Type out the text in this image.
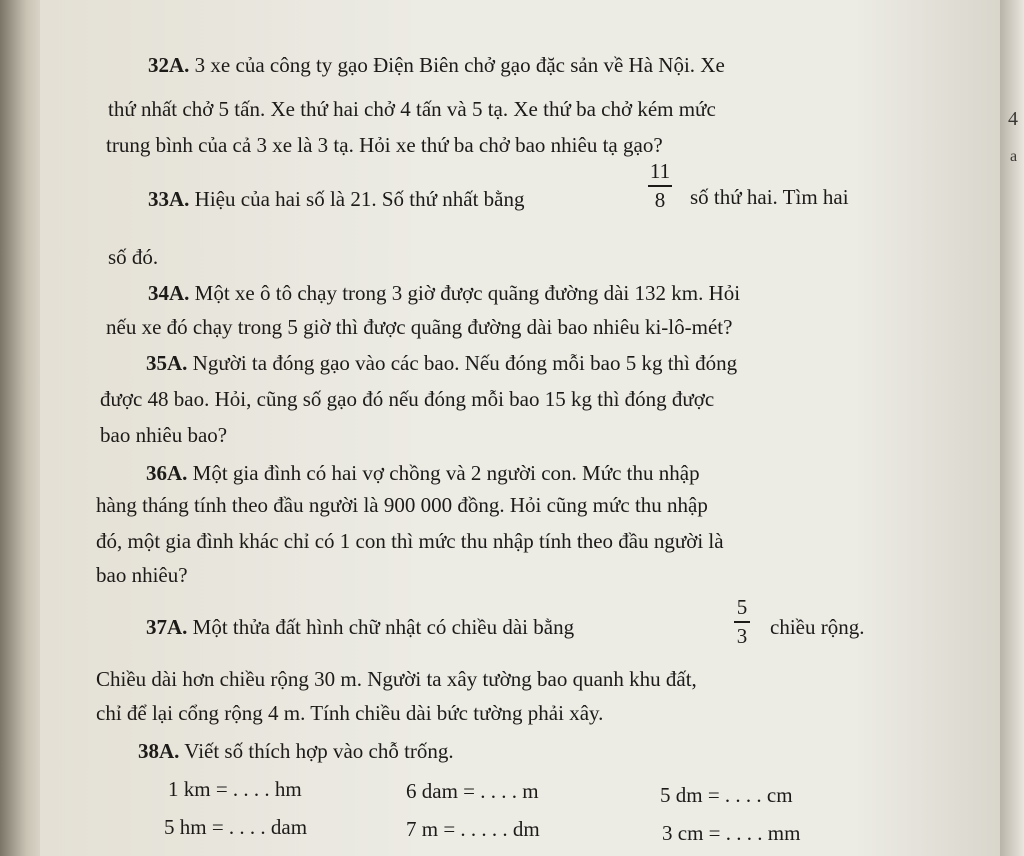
4
a
32A. 3 xe của công ty gạo Điện Biên chở gạo đặc sản về Hà Nội. Xe
thứ nhất chở 5 tấn. Xe thứ hai chở 4 tấn và 5 tạ. Xe thứ ba chở kém mức
trung bình của cả 3 xe là 3 tạ. Hỏi xe thứ ba chở bao nhiêu tạ gạo?
33A. Hiệu của hai số là 21. Số thứ nhất bằng
11
8 số thứ hai. Tìm hai
số đó.
34A. Một xe ô tô chạy trong 3 giờ được quãng đường dài 132 km. Hỏi
nếu xe đó chạy trong 5 giờ thì được quãng đường dài bao nhiêu ki-lô-mét?
35A. Người ta đóng gạo vào các bao. Nếu đóng mỗi bao 5 kg thì đóng
được 48 bao. Hỏi, cũng số gạo đó nếu đóng mỗi bao 15 kg thì đóng được
bao nhiêu bao?
36A. Một gia đình có hai vợ chồng và 2 người con. Mức thu nhập
hàng tháng tính theo đầu người là 900 000 đồng. Hỏi cũng mức thu nhập
đó, một gia đình khác chỉ có 1 con thì mức thu nhập tính theo đầu người là
bao nhiêu?
37A. Một thửa đất hình chữ nhật có chiều dài bằng
5
3 chiều rộng.
Chiều dài hơn chiều rộng 30 m. Người ta xây tường bao quanh khu đất,
chỉ để lại cổng rộng 4 m. Tính chiều dài bức tường phải xây.
38A. Viết số thích hợp vào chỗ trống.
1 km = . . . . hm	6 dam = . . . . m	5 dm = . . . . cm
5 hm = . . . . dam	7 m = . . . . . dm	3 cm = . . . . mm
